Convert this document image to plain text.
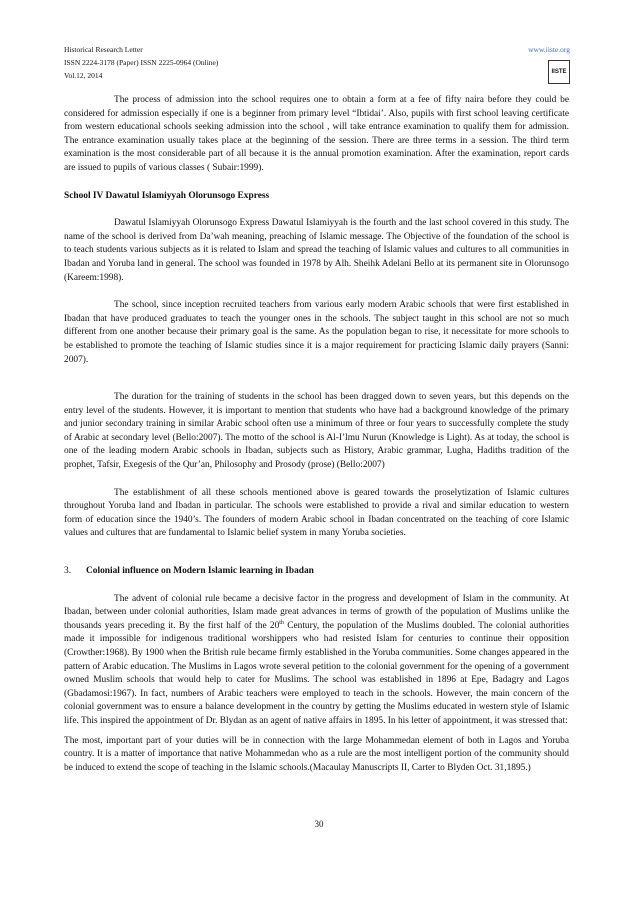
Historical Research Letter
ISSN 2224-3178 (Paper) ISSN 2225-0964 (Online)
Vol.12, 2014
www.iiste.org
IISTE

The process of admission into the school requires one to obtain a form at a fee of fifty naira before they could be considered for admission especially if one is a beginner from primary level “Ibtidai’. Also, pupils with first school leaving certificate from western educational schools seeking admission into the school , will take entrance examination to qualify them for admission. The entrance examination usually takes place at the beginning of the session. There are three terms in a session. The third term examination is the most considerable part of all because it is the annual promotion examination. After the examination, report cards are issued to pupils of various classes ( Subair:1999).

School IV Dawatul Islamiyyah Olorunsogo Express

Dawatul Islamiyyah Olorunsogo Express Dawatul Islamiyyah is the fourth and the last school covered in this study. The name of the school is derived from Da’wah meaning, preaching of Islamic message. The Objective of the foundation of the school is to teach students various subjects as it is related to Islam and spread the teaching of Islamic values and cultures to all communities in Ibadan and Yoruba land in general. The school was founded in 1978 by Alh. Sheihk Adelani Bello at its permanent site in Olorunsogo (Kareem:1998).

The school, since inception recruited teachers from various early modern Arabic schools that were first established in Ibadan that have produced graduates to teach the younger ones in the schools. The subject taught in this school are not so much different from one another because their primary goal is the same. As the population began to rise, it necessitate for more schools to be established to promote the teaching of Islamic studies since it is a major requirement for practicing Islamic daily prayers (Sanni: 2007).

The duration for the training of students in the school has been dragged down to seven years, but this depends on the entry level of the students. However, it is important to mention that students who have had a background knowledge of the primary and junior secondary training in similar Arabic school often use a minimum of three or four years to successfully complete the study of Arabic at secondary level (Bello:2007). The motto of the school is Al-I’lmu Nurun (Knowledge is Light). As at today, the school is one of the leading modern Arabic schools in Ibadan, subjects such as History, Arabic grammar, Lugha, Hadiths tradition of the prophet, Tafsir, Exegesis of the Qur’an, Philosophy and Prosody (prose) (Bello:2007)

The establishment of all these schools mentioned above is geared towards the proselytization of Islamic cultures throughout Yoruba land and Ibadan in particular. The schools were established to provide a rival and similar education to western form of education since the 1940’s. The founders of modern Arabic school in Ibadan concentrated on the teaching of core Islamic values and cultures that are fundamental to Islamic belief system in many Yoruba societies.

3. Colonial influence on Modern Islamic learning in Ibadan

The advent of colonial rule became a decisive factor in the progress and development of Islam in the community. At Ibadan, between under colonial authorities, Islam made great advances in terms of growth of the population of Muslims unlike the thousands years preceding it. By the first half of the 20th Century, the population of the Muslims doubled. The colonial authorities made it impossible for indigenous traditional worshippers who had resisted Islam for centuries to continue their opposition (Crowther:1968). By 1900 when the British rule became firmly established in the Yoruba communities. Some changes appeared in the pattern of Arabic education. The Muslims in Lagos wrote several petition to the colonial government for the opening of a government owned Muslim schools that would help to cater for Muslims. The school was established in 1896 at Epe, Badagry and Lagos (Gbadamosi:1967). In fact, numbers of Arabic teachers were employed to teach in the schools. However, the main concern of the colonial government was to ensure a balance development in the country by getting the Muslims educated in western style of Islamic life. This inspired the appointment of Dr. Blydan as an agent of native affairs in 1895. In his letter of appointment, it was stressed that:

The most, important part of your duties will be in connection with the large Mohammedan element of both in Lagos and Yoruba country. It is a matter of importance that native Mohammedan who as a rule are the most intelligent portion of the community should be induced to extend the scope of teaching in the Islamic schools.(Macaulay Manuscripts II, Carter to Blyden Oct. 31,1895.)

30
